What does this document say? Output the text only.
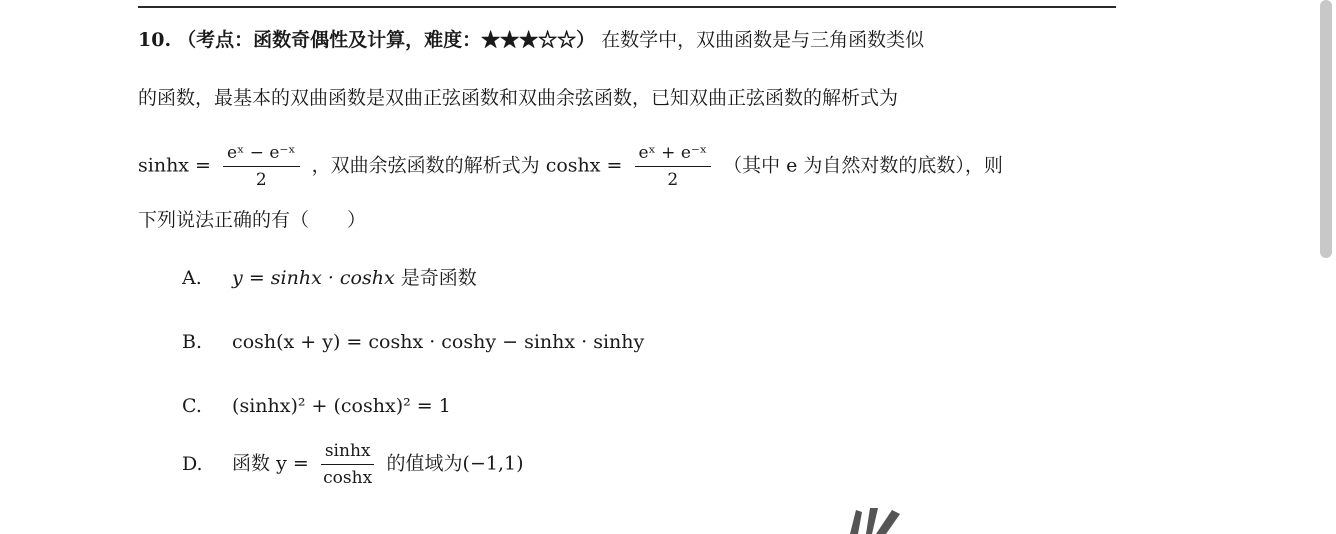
10. （考点：函数奇偶性及计算，难度：★★★☆☆） 在数学中，双曲函数是与三角函数类似
的函数，最基本的双曲函数是双曲正弦函数和双曲余弦函数，已知双曲正弦函数的解析式为
$\sinh x = \frac{\text{eˣ − e⁻ˣ}}{2}$ ，双曲余弦函数的解析式为 $\cosh x = \frac{\text{eˣ + e⁻ˣ}}{2}$ （其中 e 为自然对数的底数），则
下列说法正确的有（　　）
A. y = sinhx · coshx 是奇函数
B. cosh(x + y) = coshx · coshy − sinhx · sinhy
C. (sinhx)² + (coshx)² = 1
D. 函数 $y = \frac{\sinh x}{\cosh x}$ 的值域为(−1,1)
